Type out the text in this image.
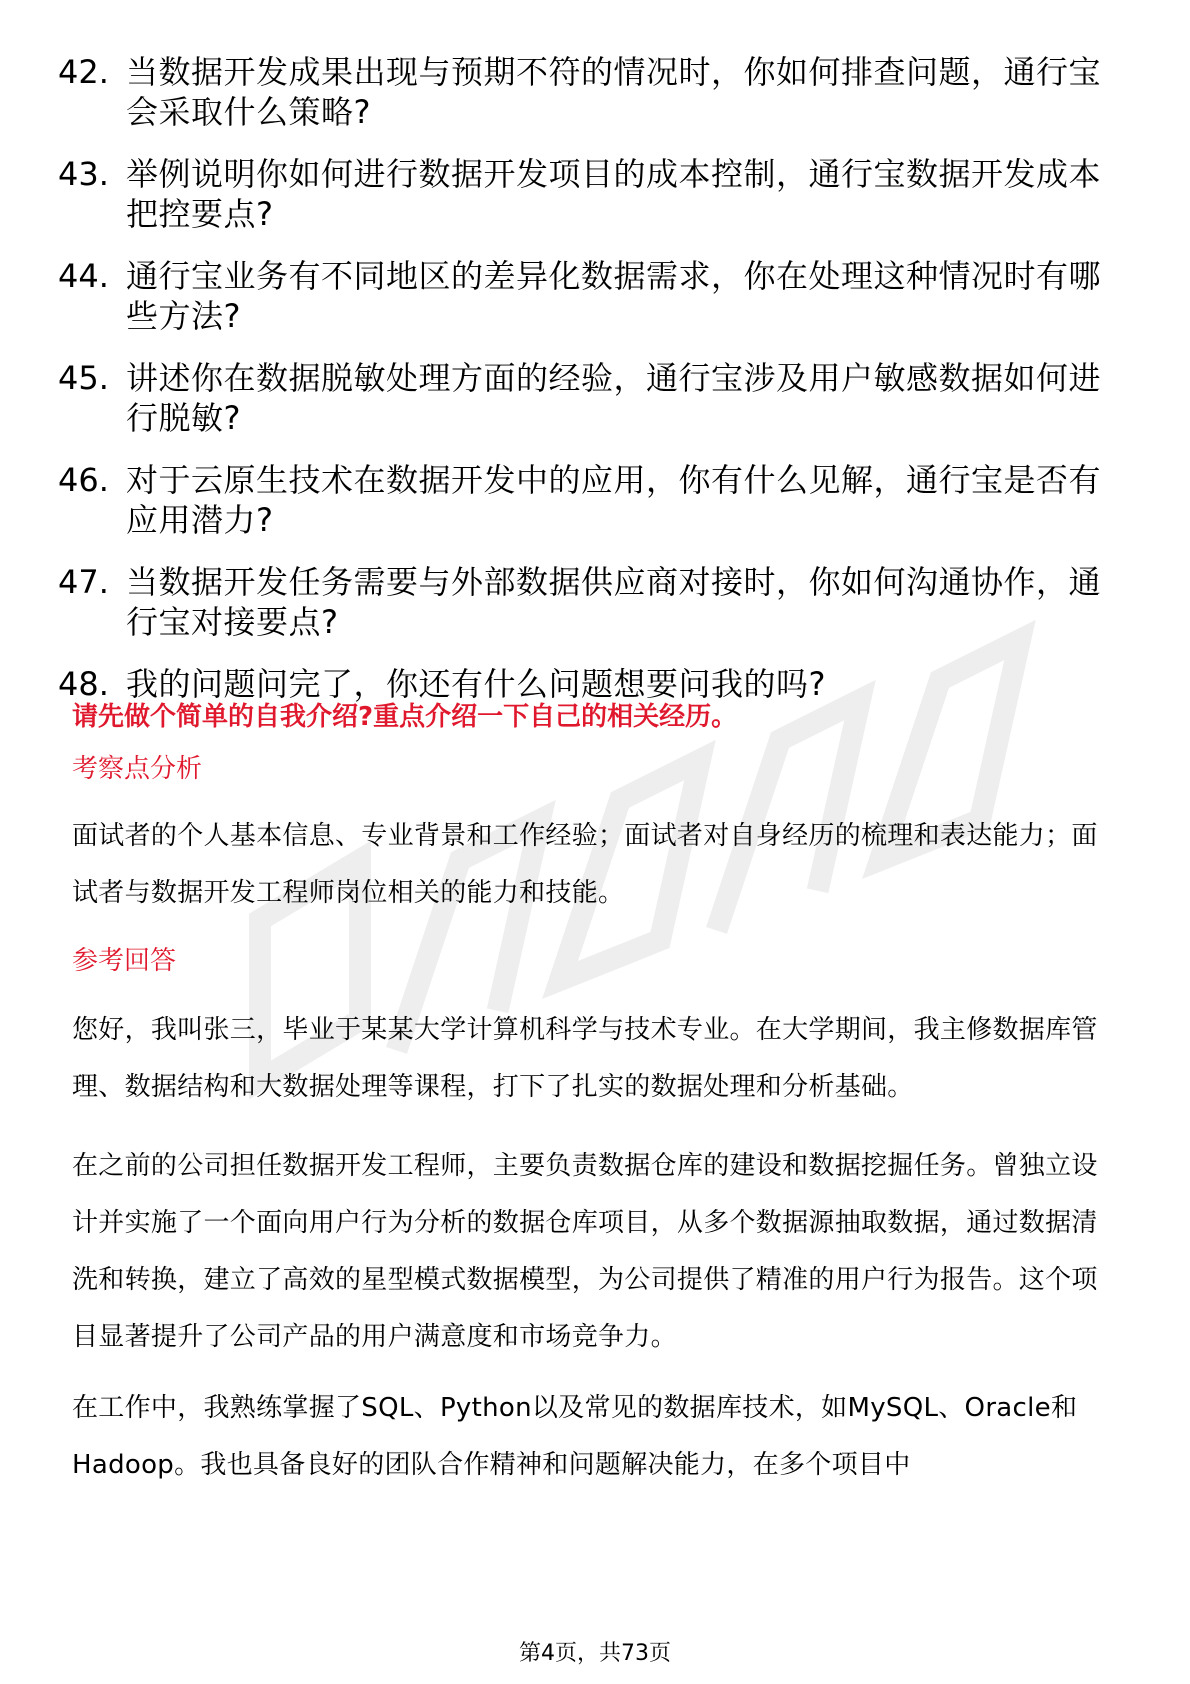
42. 当数据开发成果出现与预期不符的情况时，你如何排查问题，通行宝会采取什么策略?
43. 举例说明你如何进行数据开发项目的成本控制，通行宝数据开发成本把控要点?
44. 通行宝业务有不同地区的差异化数据需求，你在处理这种情况时有哪些方法?
45. 讲述你在数据脱敏处理方面的经验，通行宝涉及用户敏感数据如何进行脱敏?
46. 对于云原生技术在数据开发中的应用，你有什么见解，通行宝是否有应用潜力?
47. 当数据开发任务需要与外部数据供应商对接时，你如何沟通协作，通行宝对接要点?
48. 我的问题问完了，你还有什么问题想要问我的吗?
请先做个简单的自我介绍?重点介绍一下自己的相关经历。
考察点分析
面试者的个人基本信息、专业背景和工作经验；面试者对自身经历的梳理和表达能力；面试者与数据开发工程师岗位相关的能力和技能。
参考回答
您好，我叫张三，毕业于某某大学计算机科学与技术专业。在大学期间，我主修数据库管理、数据结构和大数据处理等课程，打下了扎实的数据处理和分析基础。
在之前的公司担任数据开发工程师，主要负责数据仓库的建设和数据挖掘任务。曾独立设计并实施了一个面向用户行为分析的数据仓库项目，从多个数据源抽取数据，通过数据清洗和转换，建立了高效的星型模式数据模型，为公司提供了精准的用户行为报告。这个项目显著提升了公司产品的用户满意度和市场竞争力。
在工作中，我熟练掌握了SQL、Python以及常见的数据库技术，如MySQL、Oracle和Hadoop。我也具备良好的团队合作精神和问题解决能力，在多个项目中
第4页，共73页
